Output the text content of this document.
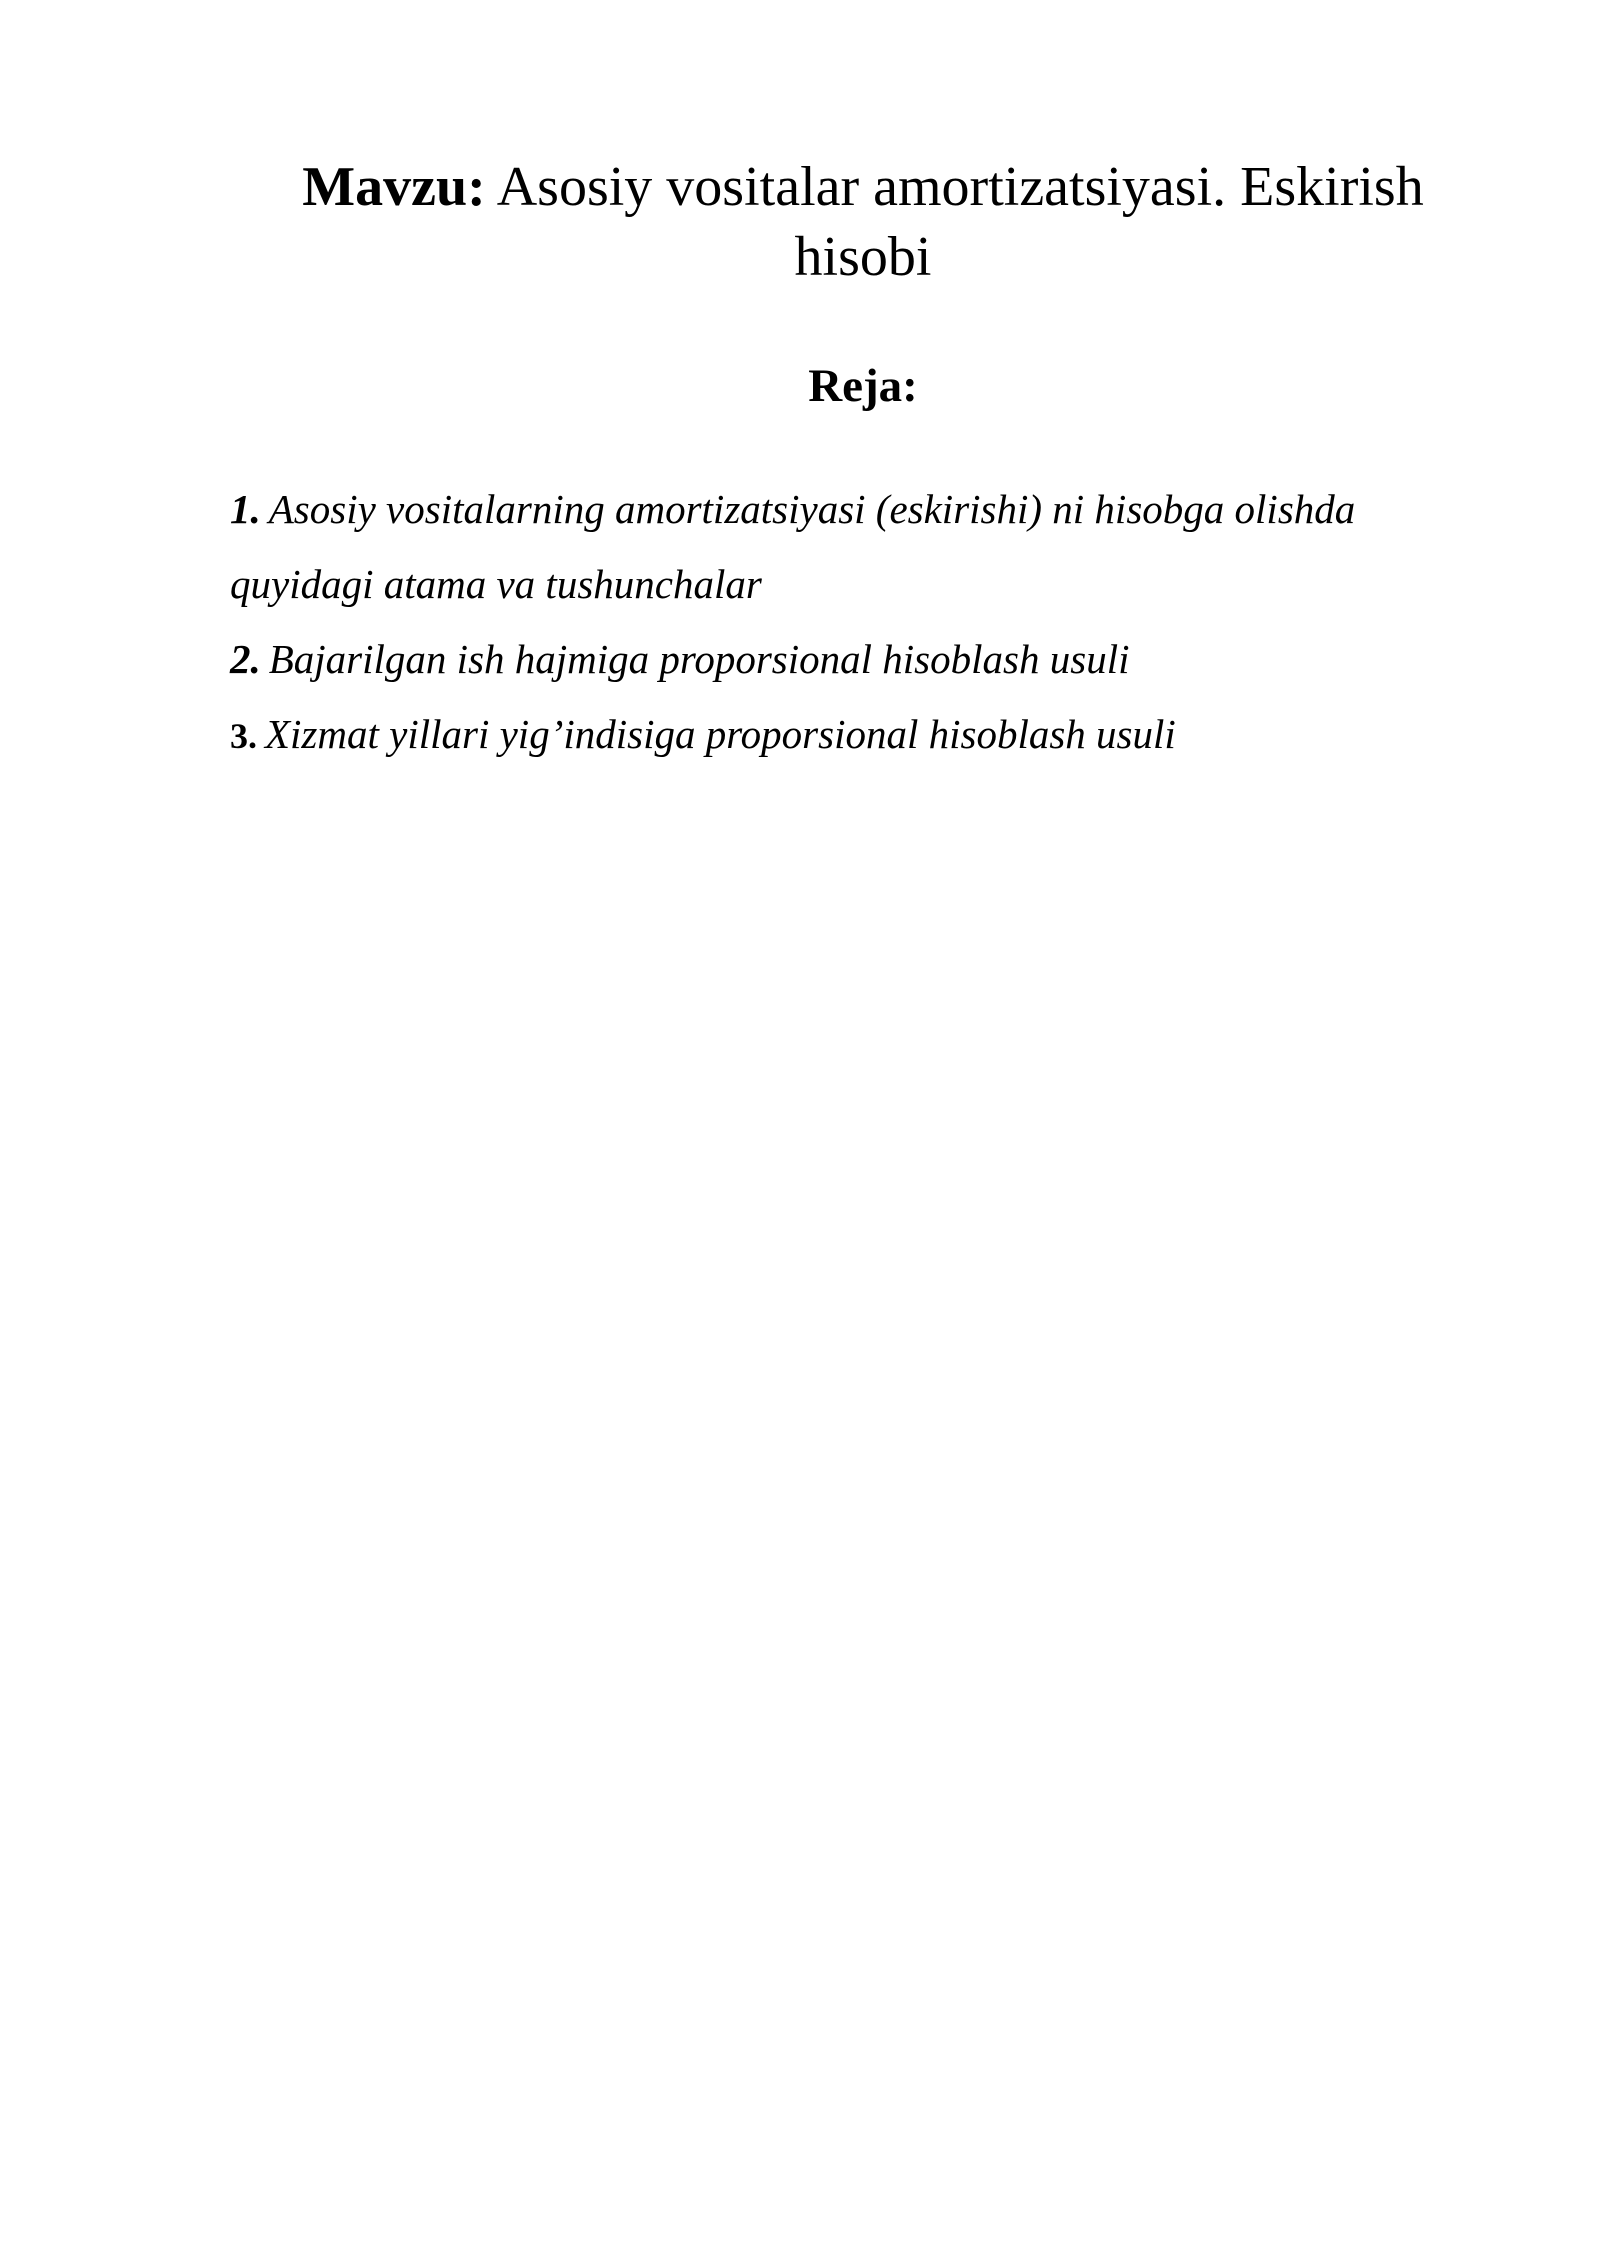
Mavzu: Asosiy vositalar amortizatsiyasi. Eskirish
hisobi
Reja:
1. Asosiy vositalarning amortizatsiyasi (eskirishi) ni hisobga olishda
quyidagi atama va tushunchalar
2. Bajarilgan ish hajmiga proporsional hisoblash usuli
3. Xizmat yillari yig’indisiga proporsional hisoblash usuli
